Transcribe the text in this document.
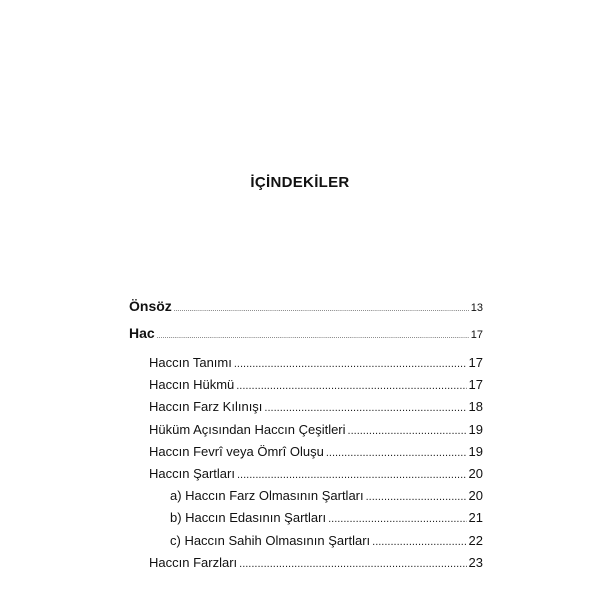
İÇİNDEKİLER
Önsöz .....	13
Hac .....	17
Haccın Tanımı .....	17
Haccın Hükmü .....	17
Haccın Farz Kılınışı .....	18
Hüküm Açısından Haccın Çeşitleri .....	19
Haccın Fevrî veya Ömrî Oluşu .....	19
Haccın Şartları .....	20
a) Haccın Farz Olmasının Şartları .....	20
b) Haccın Edasının Şartları .....	21
c) Haccın Sahih Olmasının Şartları .....	22
Haccın Farzları .....	23
